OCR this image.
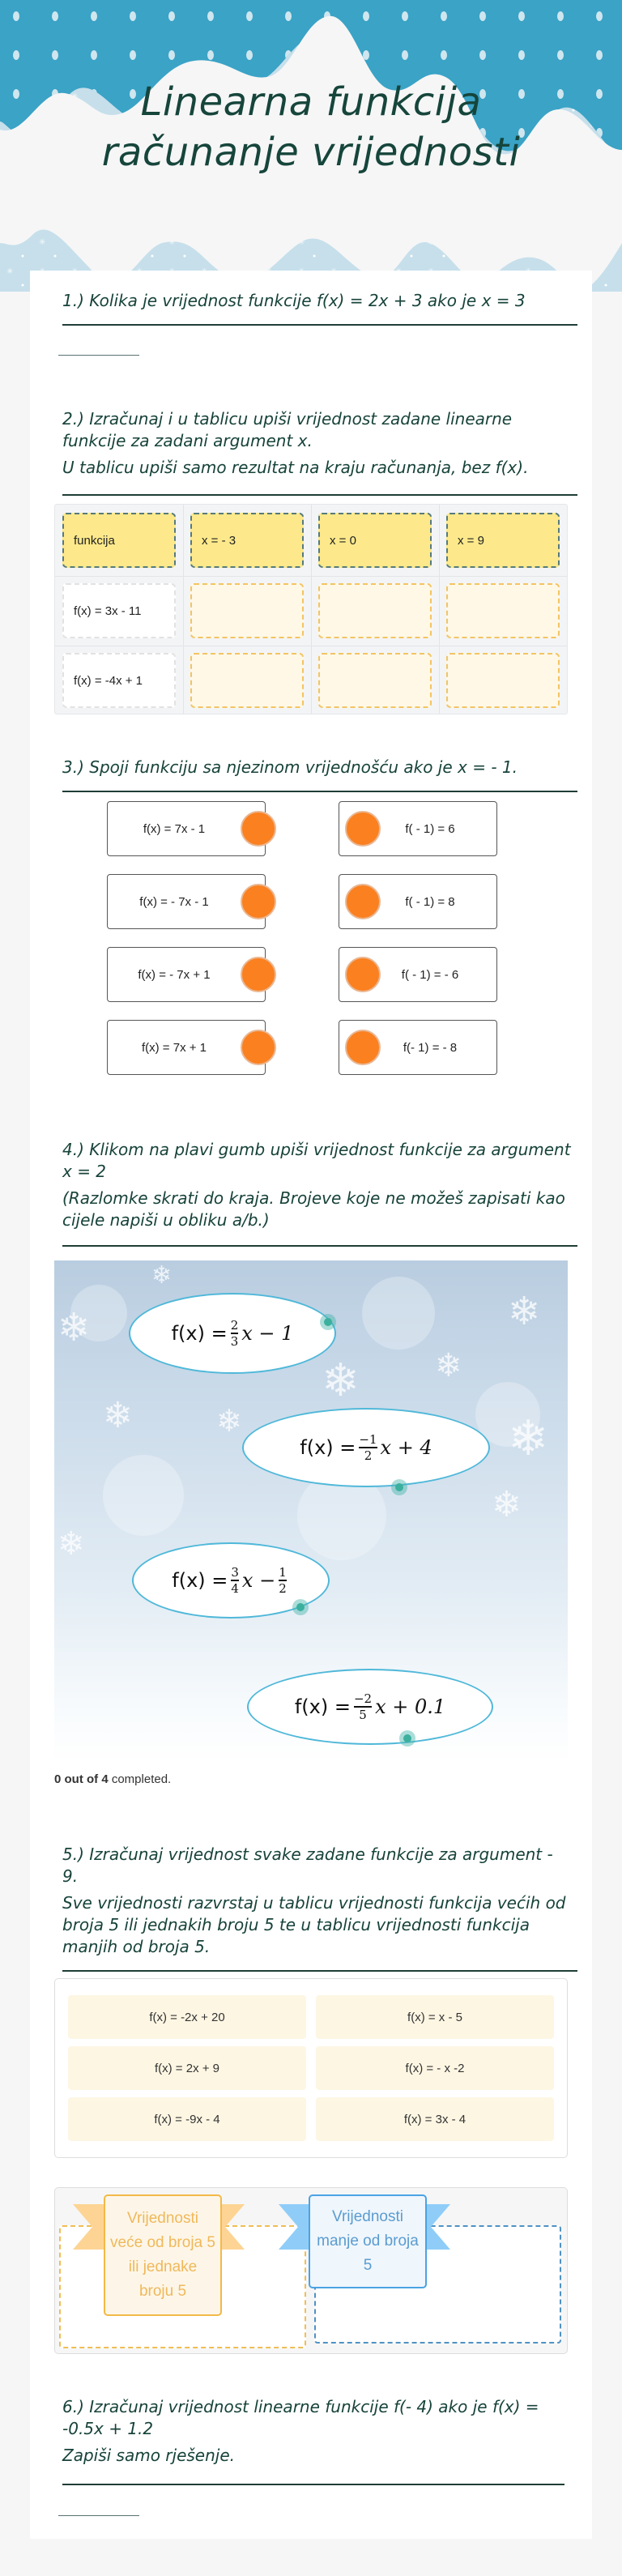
Linearna funkcija
računanje vrijednosti
1.) Kolika je vrijednost funkcije f(x) = 2x + 3 ako je x = 3
2.) Izračunaj i u tablicu upiši vrijednost zadane linearne funkcije za zadani argument x.
U tablicu upiši samo rezultat na kraju računanja, bez f(x).
funkcija	x = - 3	x = 0	x = 9
f(x) = 3x - 11
f(x) = -4x + 1
3.) Spoji funkciju sa njezinom vrijednošću ako je x = - 1.
f(x) = 7x - 1	f( - 1) = 6
f(x) = - 7x - 1	f( - 1) = 8
f(x) = - 7x + 1	f( - 1) = - 6
f(x) = 7x + 1	f(- 1) = - 8
4.) Klikom na plavi gumb upiši vrijednost funkcije za argument x = 2
(Razlomke skrati do kraja. Brojeve koje ne možeš zapisati kao cijele napiši u obliku a/b.)
❄
❄
❄ ❄
❄
❄
❄	❄
❄
❄
$f(x) = \frac{2}{3}$ x − 1
$f(x) = \frac{-1}{2}$ x + 4
$f(x) = \frac{3}{4}$ $x - \frac{1}{2}$
$f(x) = \frac{-2}{5}$ x + 0.1
0 out of 4 completed.
5.) Izračunaj vrijednost svake zadane funkcije za argument - 9.
Sve vrijednosti razvrstaj u tablicu vrijednosti funkcija većih od broja 5 ili jednakih broju 5 te u tablicu vrijednosti funkcija manjih od broja 5.
f(x) = -2x + 20	f(x) = x - 5
f(x) = 2x + 9	f(x) = - x -2
f(x) = -9x - 4	f(x) = 3x - 4
Vrijednosti veće od broja 5 ili jednake broju 5
Vrijednosti manje od broja 5
6.) Izračunaj vrijednost linearne funkcije f(- 4) ako je f(x) = -0.5x + 1.2
Zapiši samo rješenje.
